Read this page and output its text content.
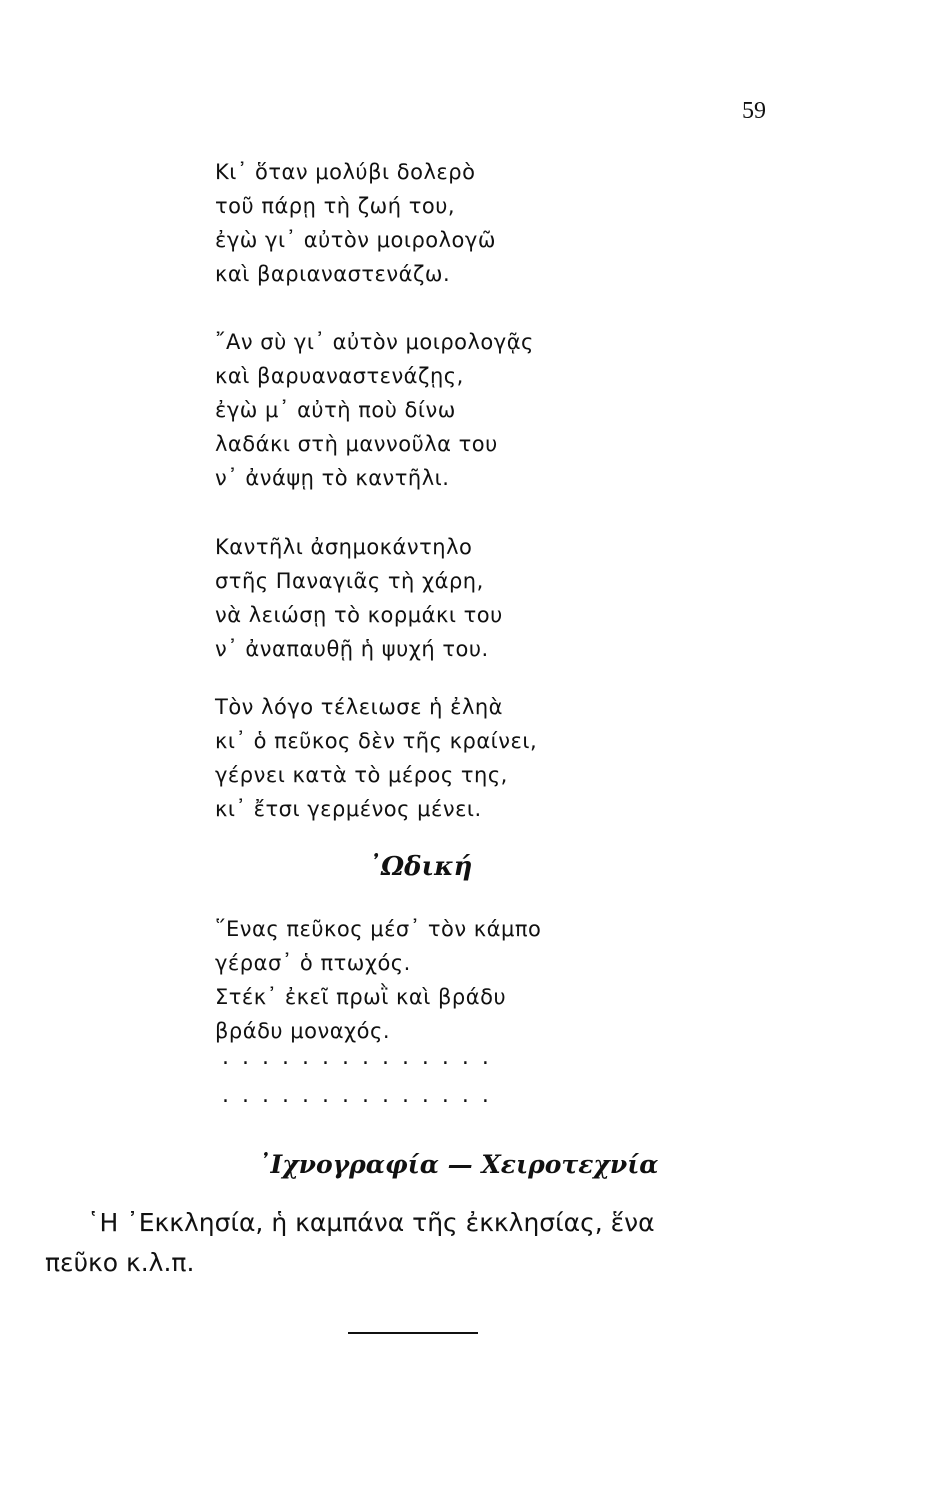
59
Κι᾿ ὅταν μολύβι δολερὸ
τοῦ πάρῃ τὴ ζωή του,
ἐγὼ γι᾿ αὐτὸν μοιρολογῶ
καὶ βαριαναστενάζω.
῎Αν σὺ γι᾿ αὐτὸν μοιρολογᾷς
καὶ βαρυαναστενάζῃς,
ἐγὼ μ᾿ αὐτὴ ποὺ δίνω
λαδάκι στὴ μαννοῦλα του
ν᾿ ἀνάψῃ τὸ καντῆλι.
Καντῆλι ἀσημοκάντηλο
στῆς Παναγιᾶς τὴ χάρη,
νὰ λειώσῃ τὸ κορμάκι του
ν᾿ ἀναπαυθῇ ἡ ψυχή του.
Τὸν λόγο τέλειωσε ἡ ἐληὰ
κι᾿ ὁ πεῦκος δὲν τῆς κραίνει,
γέρνει κατὰ τὸ μέρος της,
κι᾿ ἔτσι γερμένος μένει.
᾿Ωδική
῞Ενας πεῦκος μέσ᾿ τὸν κάμπο
γέρασ᾿ ὁ πτωχός.
Στέκ᾿ ἐκεῖ πρωῒ καὶ βράδυ
βράδυ μοναχός.
..............
..............
᾿Ιχνογραφία — Χειροτεχνία
῾Η ᾿Εκκλησία, ἡ καμπάνα τῆς ἐκκλησίας, ἕνα
πεῦκο κ.λ.π.
